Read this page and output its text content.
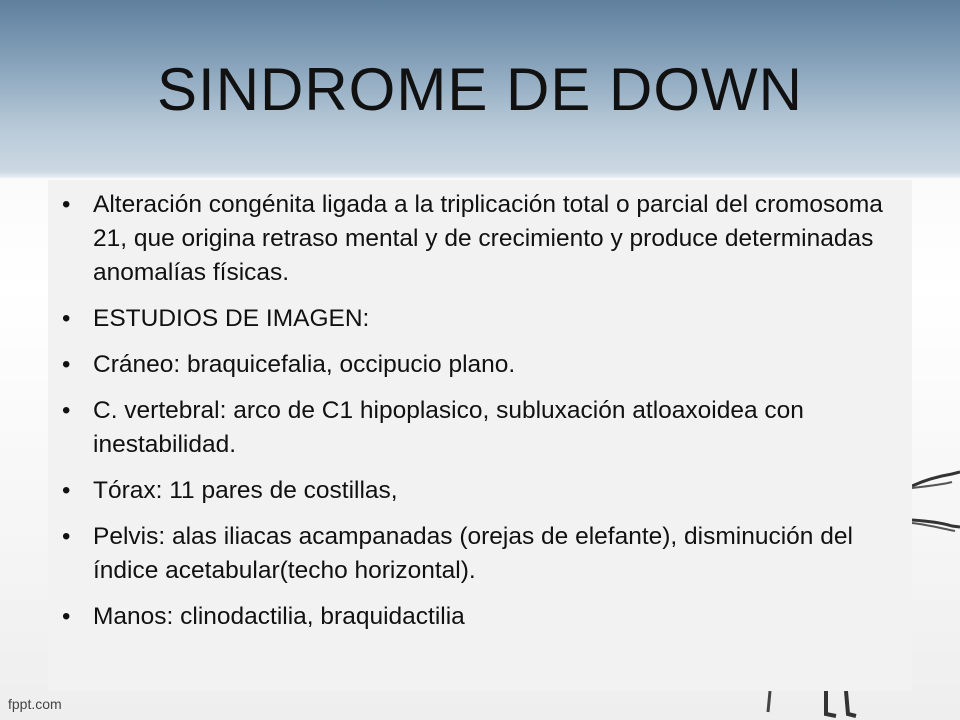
SINDROME DE DOWN
• Alteración congénita ligada a la triplicación total o parcial del cromosoma 21, que origina retraso mental y de crecimiento y produce determinadas anomalías físicas.
• ESTUDIOS DE IMAGEN:
• Cráneo: braquicefalia, occipucio plano.
• C. vertebral: arco de C1 hipoplasico, subluxación atloaxoidea con inestabilidad.
• Tórax: 11 pares de costillas,
• Pelvis: alas iliacas acampanadas (orejas de elefante), disminución del índice acetabular(techo horizontal).
• Manos: clinodactilia, braquidactilia
fppt.com
